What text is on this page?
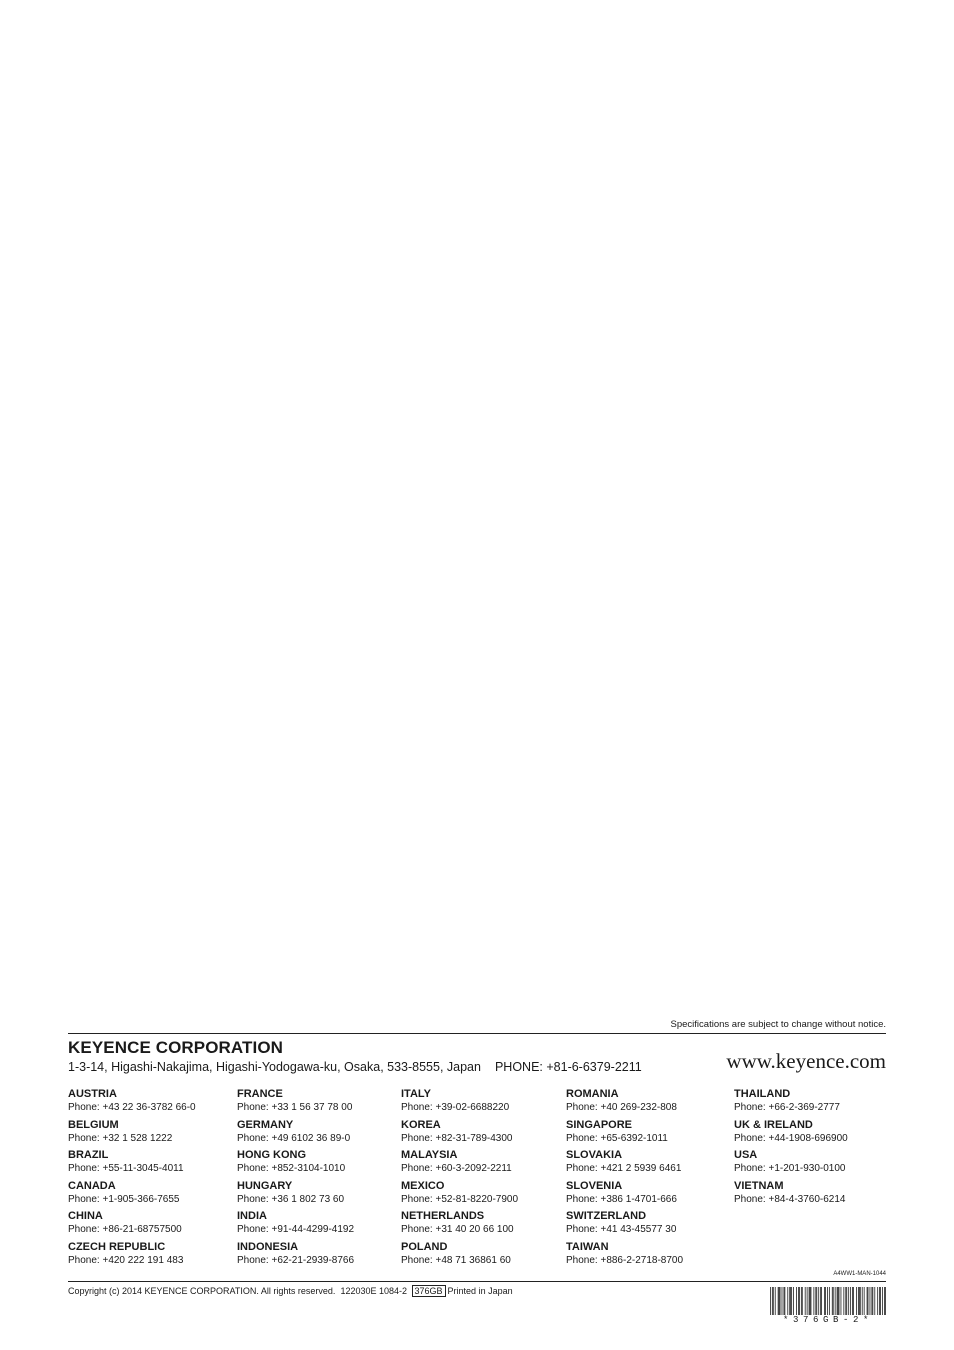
Specifications are subject to change without notice.
KEYENCE CORPORATION
1-3-14, Higashi-Nakajima, Higashi-Yodogawa-ku, Osaka, 533-8555, Japan PHONE: +81-6-6379-2211	www.keyence.com
AUSTRIA
Phone: +43 22 36-3782 66-0
BELGIUM
Phone: +32 1 528 1222
BRAZIL
Phone: +55-11-3045-4011
CANADA
Phone: +1-905-366-7655
CHINA
Phone: +86-21-68757500
CZECH REPUBLIC
Phone: +420 222 191 483
FRANCE
Phone: +33 1 56 37 78 00
GERMANY
Phone: +49 6102 36 89-0
HONG KONG
Phone: +852-3104-1010
HUNGARY
Phone: +36 1 802 73 60
INDIA
Phone: +91-44-4299-4192
INDONESIA
Phone: +62-21-2939-8766
ITALY
Phone: +39-02-6688220
KOREA
Phone: +82-31-789-4300
MALAYSIA
Phone: +60-3-2092-2211
MEXICO
Phone: +52-81-8220-7900
NETHERLANDS
Phone: +31 40 20 66 100
POLAND
Phone: +48 71 36861 60
ROMANIA
Phone: +40 269-232-808
SINGAPORE
Phone: +65-6392-1011
SLOVAKIA
Phone: +421 2 5939 6461
SLOVENIA
Phone: +386 1-4701-666
SWITZERLAND
Phone: +41 43-45577 30
TAIWAN
Phone: +886-2-2718-8700
THAILAND
Phone: +66-2-369-2777
UK & IRELAND
Phone: +44-1908-696900
USA
Phone: +1-201-930-0100
VIETNAM
Phone: +84-4-3760-6214
A4WW1-MAN-1044
Copyright (c) 2014 KEYENCE CORPORATION. All rights reserved. 122030E 1084-2 376GB Printed in Japan
*376GB-2*
